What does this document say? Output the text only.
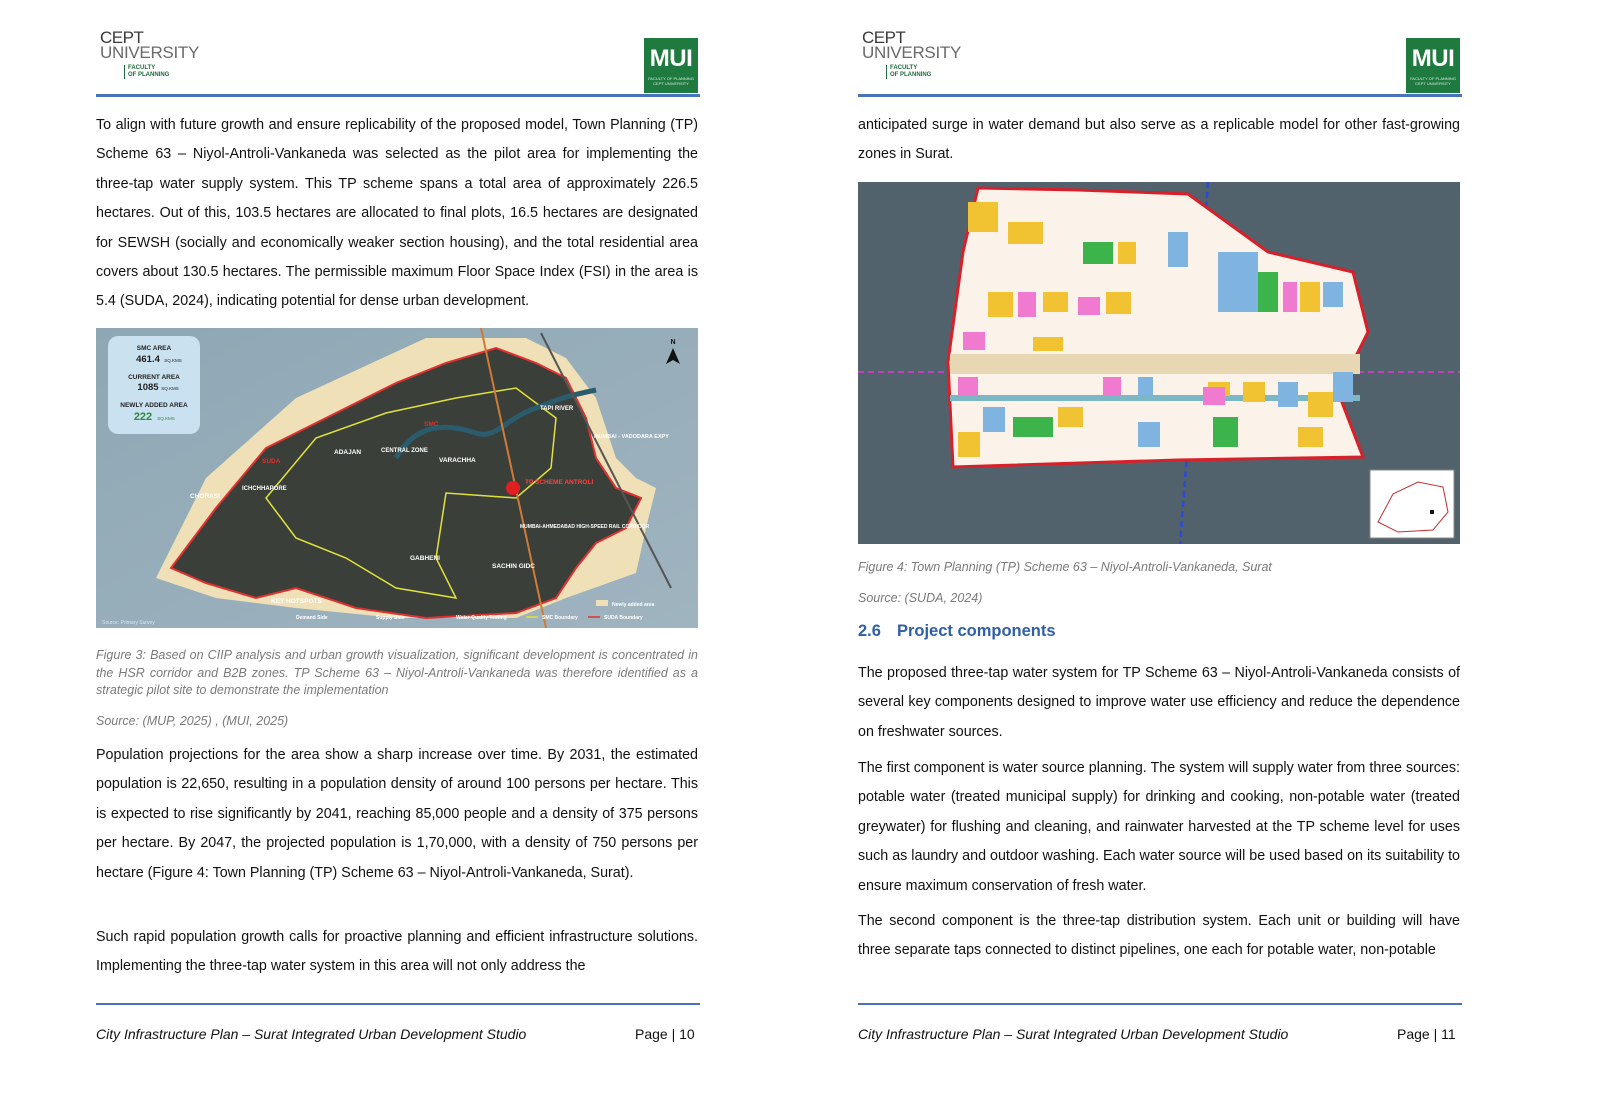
CEPT
UNIVERSITY
FACULTY
OF PLANNING
MUI
FACULTY OF PLANNING
CEPT UNIVERSITY

To align with future growth and ensure replicability of the proposed model, Town Planning (TP) Scheme 63 – Niyol-Antroli-Vankaneda was selected as the pilot area for implementing the three-tap water supply system. This TP scheme spans a total area of approximately 226.5 hectares. Out of this, 103.5 hectares are allocated to final plots, 16.5 hectares are designated for SEWSH (socially and economically weaker section housing), and the total residential area covers about 130.5 hectares. The permissible maximum Floor Space Index (FSI) in the area is 5.4 (SUDA, 2024), indicating potential for dense urban development.

SMC AREA
461.4 SQ.KMS
CURRENT AREA
1085 SQ.KMS
NEWLY ADDED AREA
222 SQ.KMS
N
TAPI RIVER
SMC
ADAJAN	CENTRAL ZONE
VARACHHA
SUDA
ICHCHHAPORE
CHORASI
MUMBAI - VADODARA EXPY
TP SCHEME ANTROLI
MUMBAI-AHMEDABAD HIGH-SPEED RAIL CORRIDOR
GABHENI
SACHIN GIDC
Source: Primary Survey
KEY HOTSPOTS
Demand Side	Supply Side	Water Quality Testing	SMC Boundary	SUDA Boundary
Newly added area

Figure 3: Based on CIIP analysis and urban growth visualization, significant development is concentrated in the HSR corridor and B2B zones. TP Scheme 63 – Niyol-Antroli-Vankaneda was therefore identified as a strategic pilot site to demonstrate the implementation

Source: (MUP, 2025) , (MUI, 2025)

Population projections for the area show a sharp increase over time. By 2031, the estimated population is 22,650, resulting in a population density of around 100 persons per hectare. This is expected to rise significantly by 2041, reaching 85,000 people and a density of 375 persons per hectare. By 2047, the projected population is 1,70,000, with a density of 750 persons per hectare (Figure 4: Town Planning (TP) Scheme 63 – Niyol-Antroli-Vankaneda, Surat).

Such rapid population growth calls for proactive planning and efficient infrastructure solutions. Implementing the three-tap water system in this area will not only address the

City Infrastructure Plan – Surat Integrated Urban Development Studio	Page | 10
CEPT
UNIVERSITY
FACULTY
OF PLANNING
MUI
FACULTY OF PLANNING
CEPT UNIVERSITY

anticipated surge in water demand but also serve as a replicable model for other fast-growing zones in Surat.

Figure 4: Town Planning (TP) Scheme 63 – Niyol-Antroli-Vankaneda, Surat

Source: (SUDA, 2024)

2.6 Project components

The proposed three-tap water system for TP Scheme 63 – Niyol-Antroli-Vankaneda consists of several key components designed to improve water use efficiency and reduce the dependence on freshwater sources.

The first component is water source planning. The system will supply water from three sources: potable water (treated municipal supply) for drinking and cooking, non-potable water (treated greywater) for flushing and cleaning, and rainwater harvested at the TP scheme level for uses such as laundry and outdoor washing. Each water source will be used based on its suitability to ensure maximum conservation of fresh water.

The second component is the three-tap distribution system. Each unit or building will have three separate taps connected to distinct pipelines, one each for potable water, non-potable

City Infrastructure Plan – Surat Integrated Urban Development Studio	Page | 11
